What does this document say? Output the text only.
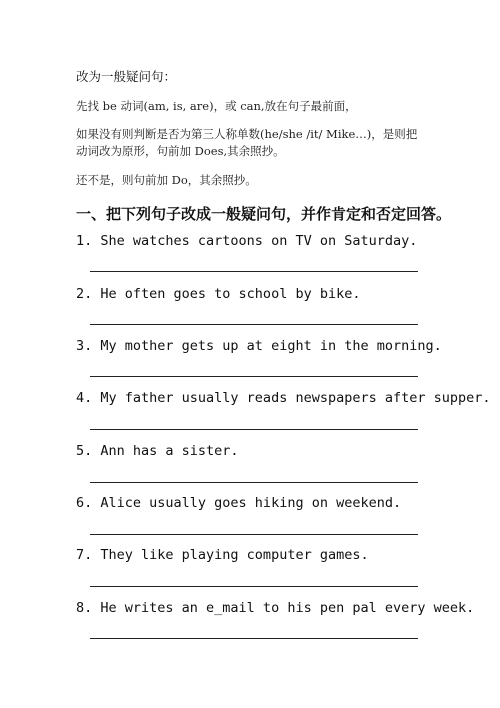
改为一般疑问句：
先找 be 动词(am, is, are)，或 can,放在句子最前面，
如果没有则判断是否为第三人称单数(he/she /it/ Mike…)，是则把动词改为原形，句前加 Does,其余照抄。
还不是，则句前加 Do，其余照抄。
一、把下列句子改成一般疑问句，并作肯定和否定回答。
1. She watches cartoons on TV on Saturday.
2. He often goes to school by bike.
3. My mother gets up at eight in the morning.
4. My father usually reads newspapers after supper.
5. Ann has a sister.
6. Alice usually goes hiking on weekend.
7. They like playing computer games.
8. He writes an e_mail to his pen pal every week.
